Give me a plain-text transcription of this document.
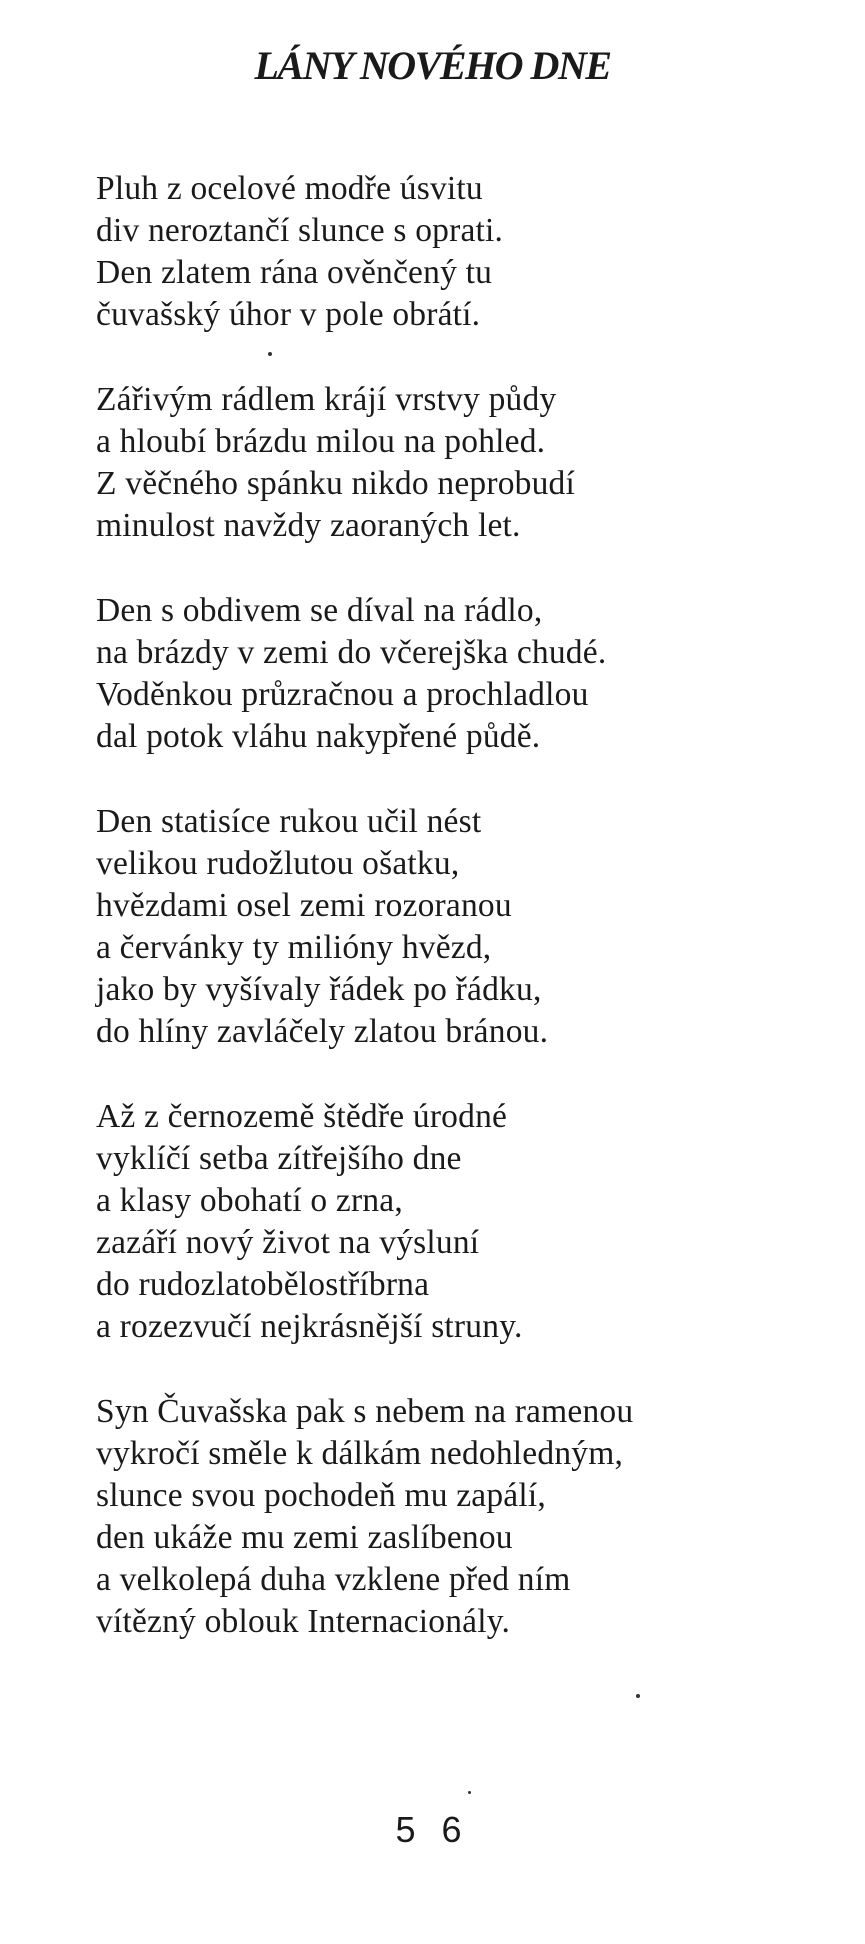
LÁNY NOVÉHO DNE
Pluh z ocelové modře úsvitu
div neroztančí slunce s oprati.
Den zlatem rána ověnčený tu
čuvašský úhor v pole obrátí.
Zářivým rádlem krájí vrstvy půdy
a hloubí brázdu milou na pohled.
Z věčného spánku nikdo neprobudí
minulost navždy zaoraných let.
Den s obdivem se díval na rádlo,
na brázdy v zemi do včerejška chudé.
Voděnkou průzračnou a prochladlou
dal potok vláhu nakypřené půdě.
Den statisíce rukou učil nést
velikou rudožlutou ošatku,
hvězdami osel zemi rozoranou
a červánky ty milióny hvězd,
jako by vyšívaly řádek po řádku,
do hlíny zavláčely zlatou bránou.
Až z černozemě štědře úrodné
vyklíčí setba zítřejšího dne
a klasy obohatí o zrna,
zazáří nový život na výsluní
do rudozlatobělostříbrna
a rozezvučí nejkrásnější struny.
Syn Čuvašska pak s nebem na ramenou
vykročí směle k dálkám nedohledným,
slunce svou pochodeň mu zapálí,
den ukáže mu zemi zaslíbenou
a velkolepá duha vzklene před ním
vítězný oblouk Internacionály.
5 6
